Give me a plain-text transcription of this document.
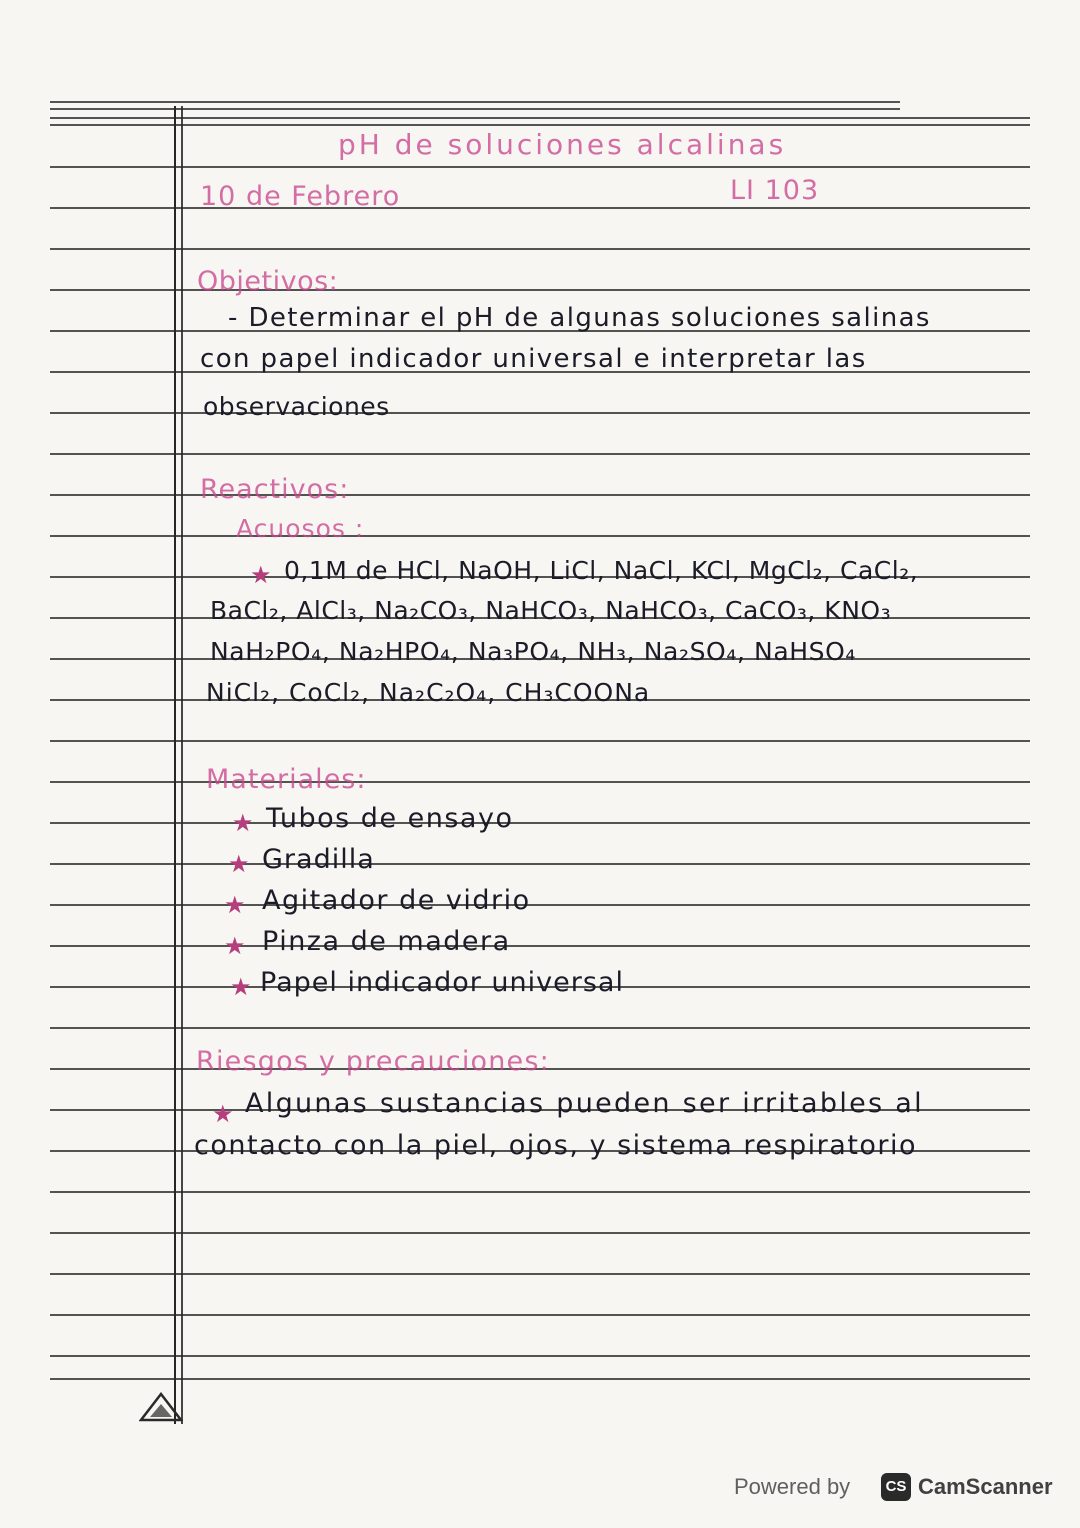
pH de soluciones alcalinas
10 de Febrero	LI 103
Objetivos:
- Determinar el pH de algunas soluciones salinas
con papel indicador universal e interpretar las
observaciones
Reactivos:
Acuosos :
★ 0,1M de HCl, NaOH, LiCl, NaCl, KCl, MgCl₂, CaCl₂,
BaCl₂, AlCl₃, Na₂CO₃, NaHCO₃, NaHCO₃, CaCO₃, KNO₃
NaH₂PO₄, Na₂HPO₄, Na₃PO₄, NH₃, Na₂SO₄, NaHSO₄
NiCl₂, CoCl₂, Na₂C₂O₄, CH₃COONa
Materiales:
★ Tubos de ensayo
★ Gradilla
★ Agitador de vidrio
★ Pinza de madera
★ Papel indicador universal
Riesgos y precauciones:
★ Algunas sustancias pueden ser irritables al
contacto con la piel, ojos, y sistema respiratorio
Powered by	CS CamScanner
